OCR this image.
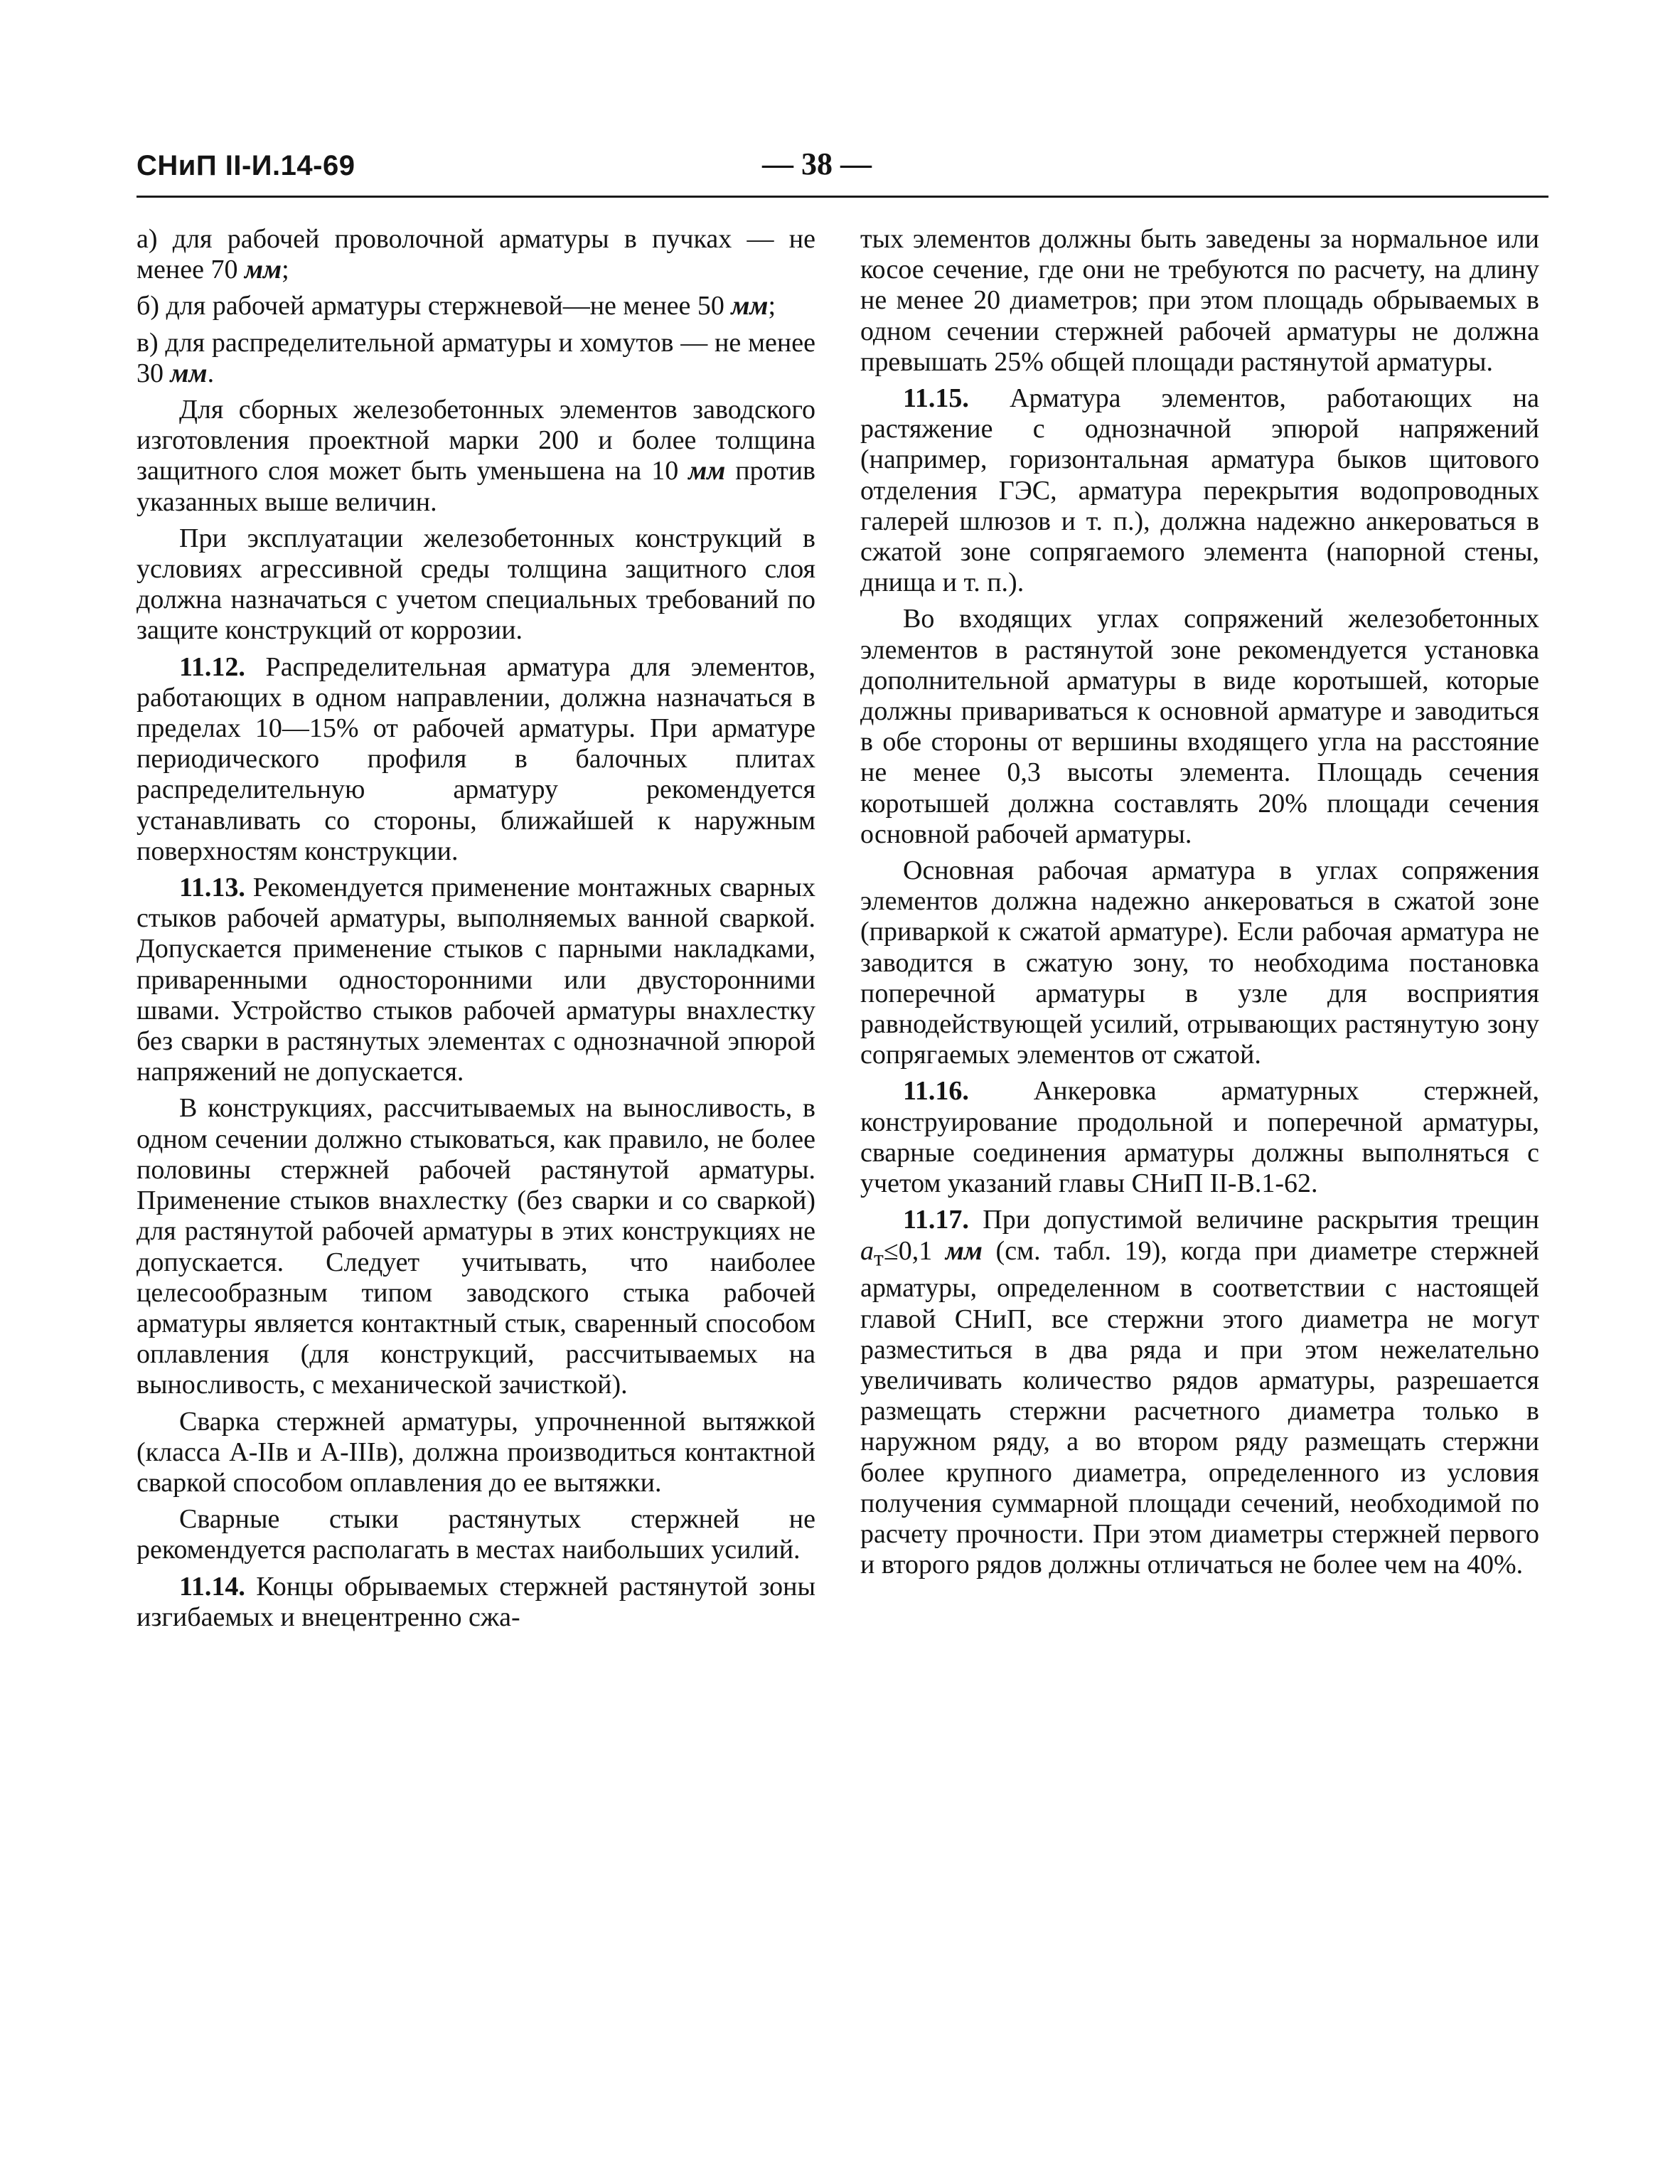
СНиП II-И.14-69	— 38 —

а) для рабочей проволочной арматуры в пучках — не менее 70 мм;

б) для рабочей арматуры стержневой—не менее 50 мм;

в) для распределительной арматуры и хомутов — не менее 30 мм.

Для сборных железобетонных элементов заводского изготовления проектной марки 200 и более толщина защитного слоя может быть уменьшена на 10 мм против указанных выше величин.

При эксплуатации железобетонных конструкций в условиях агрессивной среды толщина защитного слоя должна назначаться с учетом специальных требований по защите конструкций от коррозии.

11.12. Распределительная арматура для элементов, работающих в одном направлении, должна назначаться в пределах 10—15% от рабочей арматуры. При арматуре периодического профиля в балочных плитах распределительную арматуру рекомендуется устанавливать со стороны, ближайшей к наружным поверхностям конструкции.

11.13. Рекомендуется применение монтажных сварных стыков рабочей арматуры, выполняемых ванной сваркой. Допускается применение стыков с парными накладками, приваренными односторонними или двусторонними швами. Устройство стыков рабочей арматуры внахлестку без сварки в растянутых элементах с однозначной эпюрой напряжений не допускается.

В конструкциях, рассчитываемых на выносливость, в одном сечении должно стыковаться, как правило, не более половины стержней рабочей растянутой арматуры. Применение стыков внахлестку (без сварки и со сваркой) для растянутой рабочей арматуры в этих конструкциях не допускается. Следует учитывать, что наиболее целесообразным типом заводского стыка рабочей арматуры является контактный стык, сваренный способом оплавления (для конструкций, рассчитываемых на выносливость, с механической зачисткой).

Сварка стержней арматуры, упрочненной вытяжкой (класса А-IIв и А-IIIв), должна производиться контактной сваркой способом оплавления до ее вытяжки.

Сварные стыки растянутых стержней не рекомендуется располагать в местах наибольших усилий.

11.14. Концы обрываемых стержней растянутой зоны изгибаемых и внецентренно сжа-

тых элементов должны быть заведены за нормальное или косое сечение, где они не требуются по расчету, на длину не менее 20 диаметров; при этом площадь обрываемых в одном сечении стержней рабочей арматуры не должна превышать 25% общей площади растянутой арматуры.

11.15. Арматура элементов, работающих на растяжение с однозначной эпюрой напряжений (например, горизонтальная арматура быков щитового отделения ГЭС, арматура перекрытия водопроводных галерей шлюзов и т. п.), должна надежно анкероваться в сжатой зоне сопрягаемого элемента (напорной стены, днища и т. п.).

Во входящих углах сопряжений железобетонных элементов в растянутой зоне рекомендуется установка дополнительной арматуры в виде коротышей, которые должны привариваться к основной арматуре и заводиться в обе стороны от вершины входящего угла на расстояние не менее 0,3 высоты элемента. Площадь сечения коротышей должна составлять 20% площади сечения основной рабочей арматуры.

Основная рабочая арматура в углах сопряжения элементов должна надежно анкероваться в сжатой зоне (приваркой к сжатой арматуре). Если рабочая арматура не заводится в сжатую зону, то необходима постановка поперечной арматуры в узле для восприятия равнодействующей усилий, отрывающих растянутую зону сопрягаемых элементов от сжатой.

11.16. Анкеровка арматурных стержней, конструирование продольной и поперечной арматуры, сварные соединения арматуры должны выполняться с учетом указаний главы СНиП II-В.1-62.

11.17. При допустимой величине раскрытия трещин $a_т\le 0,1$ мм (см. табл. 19), когда при диаметре стержней арматуры, определенном в соответствии с настоящей главой СНиП, все стержни этого диаметра не могут разместиться в два ряда и при этом нежелательно увеличивать количество рядов арматуры, разрешается размещать стержни расчетного диаметра только в наружном ряду, а во втором ряду размещать стержни более крупного диаметра, определенного из условия получения суммарной площади сечений, необходимой по расчету прочности. При этом диаметры стержней первого и второго рядов должны отличаться не более чем на 40%.
